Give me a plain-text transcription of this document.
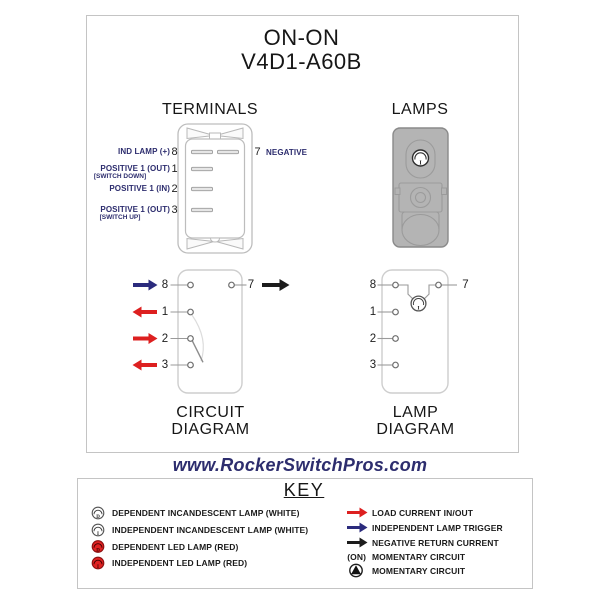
I
I
D
I
D
I
ON-ON
V4D1-A60B
TERMINALS	LAMPS
IND LAMP (+)
POSITIVE 1 (OUT)
[SWITCH DOWN]
POSITIVE 1 (IN)
POSITIVE 1 (OUT)
[SWITCH UP]
8
1
2
3
7 NEGATIVE
8
1
2
3
7	8
1
2
3
7
CIRCUIT
DIAGRAM
LAMP
DIAGRAM
www.RockerSwitchPros.com
KEY
DEPENDENT INCANDESCENT LAMP (WHITE)
INDEPENDENT INCANDESCENT LAMP (WHITE)
DEPENDENT LED LAMP (RED)
INDEPENDENT LED LAMP (RED)
LOAD CURRENT IN/OUT
INDEPENDENT LAMP TRIGGER
NEGATIVE RETURN CURRENT
(ON) MOMENTARY CIRCUIT
MOMENTARY CIRCUIT
